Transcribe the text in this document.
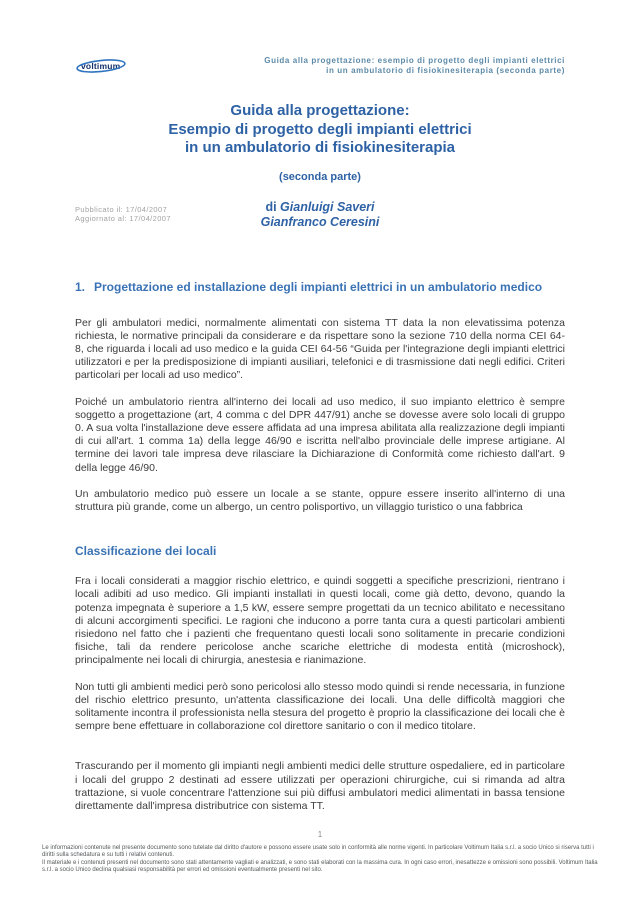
voltimum
Guida alla progettazione: esempio di progetto degli impianti elettrici
in un ambulatorio di fisiokinesiterapia (seconda parte)
Guida alla progettazione:
Esempio di progetto degli impianti elettrici
in un ambulatorio di fisiokinesiterapia
(seconda parte)
Pubblicato il: 17/04/2007
Aggiornato al: 17/04/2007
di Gianluigi Saveri
Gianfranco Ceresini
1. Progettazione ed installazione degli impianti elettrici in un ambulatorio medico

Per gli ambulatori medici, normalmente alimentati con sistema TT data la non elevatissima potenza richiesta, le normative principali da considerare e da rispettare sono la sezione 710 della norma CEI 64-8, che riguarda i locali ad uso medico e la guida CEI 64-56 “Guida per l'integrazione degli impianti elettrici utilizzatori e per la predisposizione di impianti ausiliari, telefonici e di trasmissione dati negli edifici. Criteri particolari per locali ad uso medico”.

Poiché un ambulatorio rientra all'interno dei locali ad uso medico, il suo impianto elettrico è sempre soggetto a progettazione (art, 4 comma c del DPR 447/91) anche se dovesse avere solo locali di gruppo 0. A sua volta l'installazione deve essere affidata ad una impresa abilitata alla realizzazione degli impianti di cui all'art. 1 comma 1a) della legge 46/90 e iscritta nell'albo provinciale delle imprese artigiane. Al termine dei lavori tale impresa deve rilasciare la Dichiarazione di Conformità come richiesto dall'art. 9 della legge 46/90.

Un ambulatorio medico può essere un locale a se stante, oppure essere inserito all'interno di una struttura più grande, come un albergo, un centro polisportivo, un villaggio turistico o una fabbrica

Classificazione dei locali

Fra i locali considerati a maggior rischio elettrico, e quindi soggetti a specifiche prescrizioni, rientrano i locali adibiti ad uso medico. Gli impianti installati in questi locali, come già detto, devono, quando la potenza impegnata è superiore a 1,5 kW, essere sempre progettati da un tecnico abilitato e necessitano di alcuni accorgimenti specifici. Le ragioni che inducono a porre tanta cura a questi particolari ambienti risiedono nel fatto che i pazienti che frequentano questi locali sono solitamente in precarie condizioni fisiche, tali da rendere pericolose anche scariche elettriche di modesta entità (microshock), principalmente nei locali di chirurgia, anestesia e rianimazione.

Non tutti gli ambienti medici però sono pericolosi allo stesso modo quindi si rende necessaria, in funzione del rischio elettrico presunto, un'attenta classificazione dei locali. Una delle difficoltà maggiori che solitamente incontra il professionista nella stesura del progetto è proprio la classificazione dei locali che è sempre bene effettuare in collaborazione col direttore sanitario o con il medico titolare.

Trascurando per il momento gli impianti negli ambienti medici delle strutture ospedaliere, ed in particolare i locali del gruppo 2 destinati ad essere utilizzati per operazioni chirurgiche, cui si rimanda ad altra trattazione, si vuole concentrare l'attenzione sui più diffusi ambulatori medici alimentati in bassa tensione direttamente dall'impresa distributrice con sistema TT.

1

Le informazioni contenute nel presente documento sono tutelate dal diritto d'autore e possono essere usate solo in conformità alle norme vigenti. In particolare Voltimum Italia s.r.l. a socio Unico si riserva tutti i diritti sulla schedatura e su tutti i relativi contenuti.

Il materiale e i contenuti presenti nel documento sono stati attentamente vagliati e analizzati, e sono stati elaborati con la massima cura. In ogni caso errori, inesattezze e omissioni sono possibili. Voltimum Italia s.r.l. a socio Unico declina qualsiasi responsabilità per errori ed omissioni eventualmente presenti nel sito.
